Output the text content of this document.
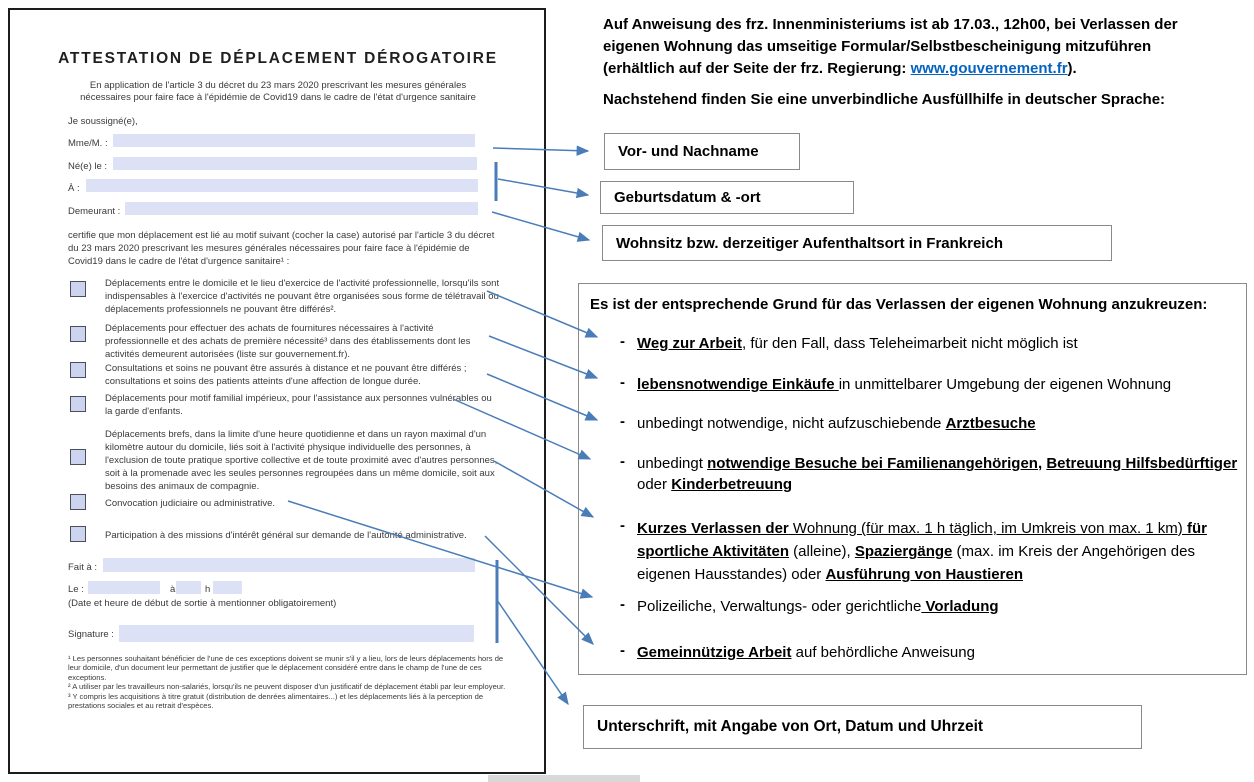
ATTESTATION DE DÉPLACEMENT DÉROGATOIRE
En application de l'article 3 du décret du 23 mars 2020 prescrivant les mesures générales nécessaires pour faire face à l'épidémie de Covid19 dans le cadre de l'état d'urgence sanitaire
Je soussigné(e),
Mme/M. :
Né(e) le :
À :
Demeurant :
certifie que mon déplacement est lié au motif suivant (cocher la case) autorisé par l'article 3 du décret du 23 mars 2020 prescrivant les mesures générales nécessaires pour faire face à l'épidémie de Covid19 dans le cadre de l'état d'urgence sanitaire¹ :
Déplacements entre le domicile et le lieu d'exercice de l'activité professionnelle, lorsqu'ils sont indispensables à l'exercice d'activités ne pouvant être organisées sous forme de télétravail ou déplacements professionnels ne pouvant être différés².
Déplacements pour effectuer des achats de fournitures nécessaires à l'activité professionnelle et des achats de première nécessité³ dans des établissements dont les activités demeurent autorisées (liste sur gouvernement.fr).
Consultations et soins ne pouvant être assurés à distance et ne pouvant être différés ; consultations et soins des patients atteints d'une affection de longue durée.
Déplacements pour motif familial impérieux, pour l'assistance aux personnes vulnérables ou la garde d'enfants.
Déplacements brefs, dans la limite d'une heure quotidienne et dans un rayon maximal d'un kilomètre autour du domicile, liés soit à l'activité physique individuelle des personnes, à l'exclusion de toute pratique sportive collective et de toute proximité avec d'autres personnes, soit à la promenade avec les seules personnes regroupées dans un même domicile, soit aux besoins des animaux de compagnie.
Convocation judiciaire ou administrative.
Participation à des missions d'intérêt général sur demande de l'autorité administrative.
Fait à :
Le :	à	h
(Date et heure de début de sortie à mentionner obligatoirement)
Signature :

¹ Les personnes souhaitant bénéficier de l'une de ces exceptions doivent se munir s'il y a lieu, lors de leurs déplacements hors de leur domicile, d'un document leur permettant de justifier que le déplacement considéré entre dans le champ de l'une de ces exceptions.

² A utiliser par les travailleurs non-salariés, lorsqu'ils ne peuvent disposer d'un justificatif de déplacement établi par leur employeur.

³ Y compris les acquisitions à titre gratuit (distribution de denrées alimentaires...) et les déplacements liés à la perception de prestations sociales et au retrait d'espèces.

Auf Anweisung des frz. Innenministeriums ist ab 17.03., 12h00, bei Verlassen der
eigenen Wohnung das umseitige Formular/Selbstbescheinigung mitzuführen
(erhältlich auf der Seite der frz. Regierung: www.gouvernement.fr).
Nachstehend finden Sie eine unverbindliche Ausfüllhilfe in deutscher Sprache:
Vor- und Nachname
Geburtsdatum & -ort
Wohnsitz bzw. derzeitiger Aufenthaltsort in Frankreich
Es ist der entsprechende Grund für das Verlassen der eigenen Wohnung anzukreuzen:
- Weg zur Arbeit, für den Fall, dass Teleheimarbeit nicht möglich ist
- lebensnotwendige Einkäufe in unmittelbarer Umgebung der eigenen Wohnung
- unbedingt notwendige, nicht aufzuschiebende Arztbesuche
- unbedingt notwendige Besuche bei Familienangehörigen, Betreuung Hilfsbedürftiger oder Kinderbetreuung
- Kurzes Verlassen der Wohnung (für max. 1 h täglich, im Umkreis von max. 1 km) für sportliche Aktivitäten (alleine), Spaziergänge (max. im Kreis der Angehörigen des eigenen Hausstandes) oder Ausführung von Haustieren
- Polizeiliche, Verwaltungs- oder gerichtliche Vorladung
- Gemeinnützige Arbeit auf behördliche Anweisung
Unterschrift, mit Angabe von Ort, Datum und Uhrzeit
